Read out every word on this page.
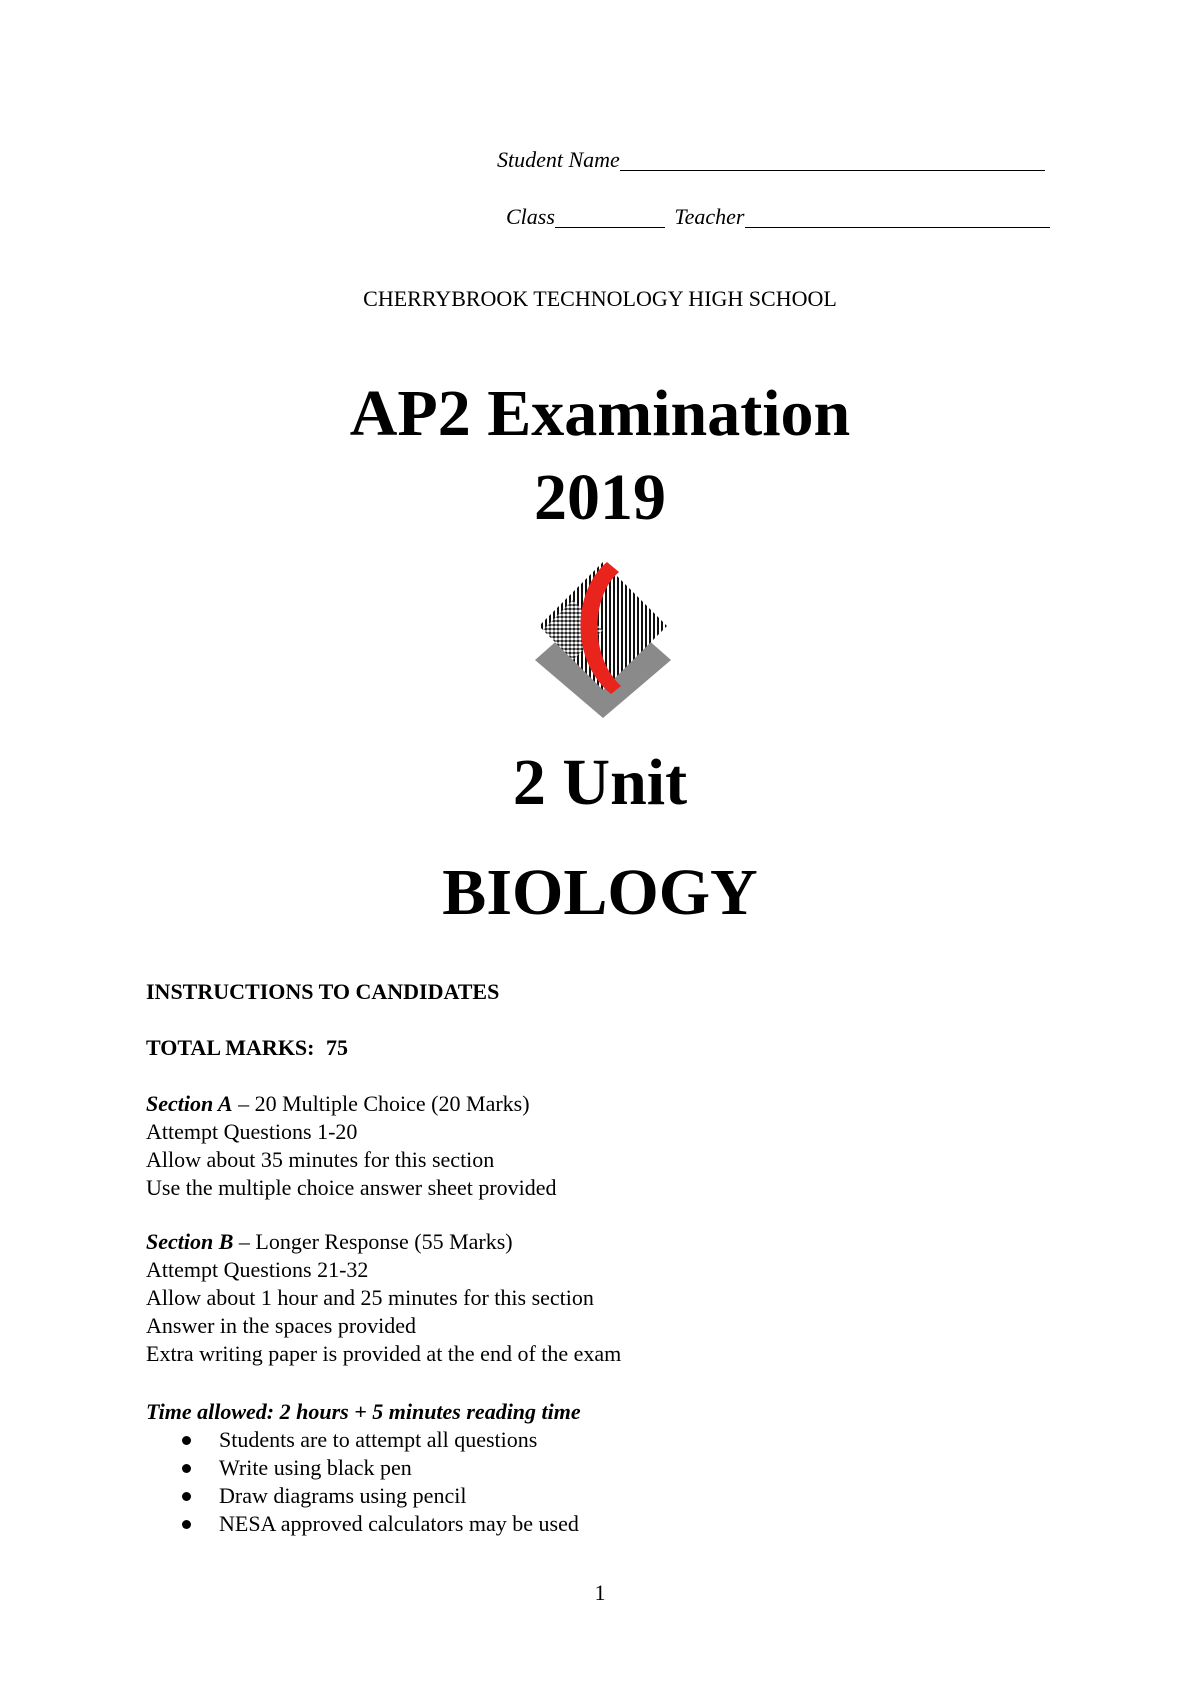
Student Name
Class	Teacher
CHERRYBROOK TECHNOLOGY HIGH SCHOOL
AP2 Examination
2019
2 Unit
BIOLOGY
INSTRUCTIONS TO CANDIDATES
TOTAL MARKS: 75
Section A – 20 Multiple Choice (20 Marks)
Attempt Questions 1-20
Allow about 35 minutes for this section
Use the multiple choice answer sheet provided
Section B – Longer Response (55 Marks)
Attempt Questions 21-32
Allow about 1 hour and 25 minutes for this section
Answer in the spaces provided
Extra writing paper is provided at the end of the exam
Time allowed: 2 hours + 5 minutes reading time
Students are to attempt all questions
Write using black pen
Draw diagrams using pencil
NESA approved calculators may be used
1
